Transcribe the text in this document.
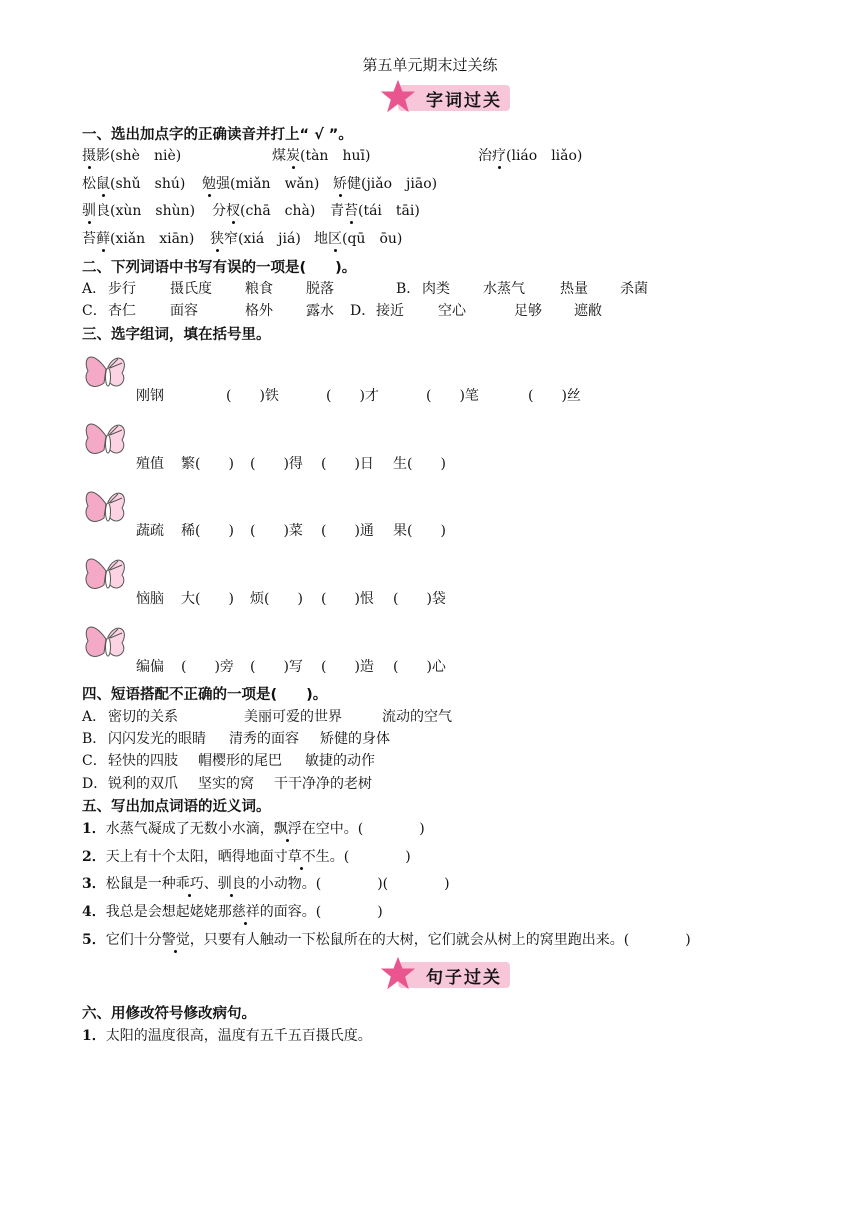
第五单元期末过关练
字词过关
一、选出加点字的正确读音并打上“ √ ”。
摄影(shè　niè)	煤炭(tàn　huī)	治疗(liáo　liǎo)
松鼠(shǔ　shú) 勉强(miǎn　wǎn) 矫健(jiǎo　jiāo)
驯良(xùn　shùn) 分杈(chā　chà) 青苔(tái　tāi)
苔藓(xiǎn　xiān) 狭窄(xiá　jiá) 地区(qū　ōu)
二、下列词语中书写有误的一项是(　　)。
A． 步行 摄氏度 粮食 脱落	B． 肉类 水蒸气	热量 杀菌
C． 杏仁 面容	格外 露水 D． 接近 空心	足够 遮敝
三、选字组词，填在括号里。
刚钢	(　　)铁	(　　)才	(　　)笔	(　　)丝
殖值 繁(　　) (　　)得 (　　)日 生(　　)
蔬疏 稀(　　) (　　)菜 (　　)通 果(　　)
恼脑 大(　　) 烦(　　) (　　)恨 (　　)袋
编偏 (　　)旁 (　　)写 (　　)造 (　　)心
四、短语搭配不正确的一项是(　　)。
A． 密切的关系	美丽可爱的世界	流动的空气
B． 闪闪发光的眼睛 清秀的面容 矫健的身体
C． 轻快的四肢 帽樱形的尾巴 敏捷的动作
D． 锐利的双爪 坚实的窝 干干净净的老树
五、写出加点词语的近义词。
1．水蒸气凝成了无数小水滴，飘浮在空中。(　　　　)
2．天上有十个太阳，晒得地面寸草不生。(　　　　)
3．松鼠是一种乖巧、驯良的小动物。(　　　　)(　　　　)
4．我总是会想起姥姥那慈祥的面容。(　　　　)
5．它们十分警觉，只要有人触动一下松鼠所在的大树，它们就会从树上的窝里跑出来。(　　　　)
句子过关
六、用修改符号修改病句。
1．太阳的温度很高，温度有五千五百摄氏度。
